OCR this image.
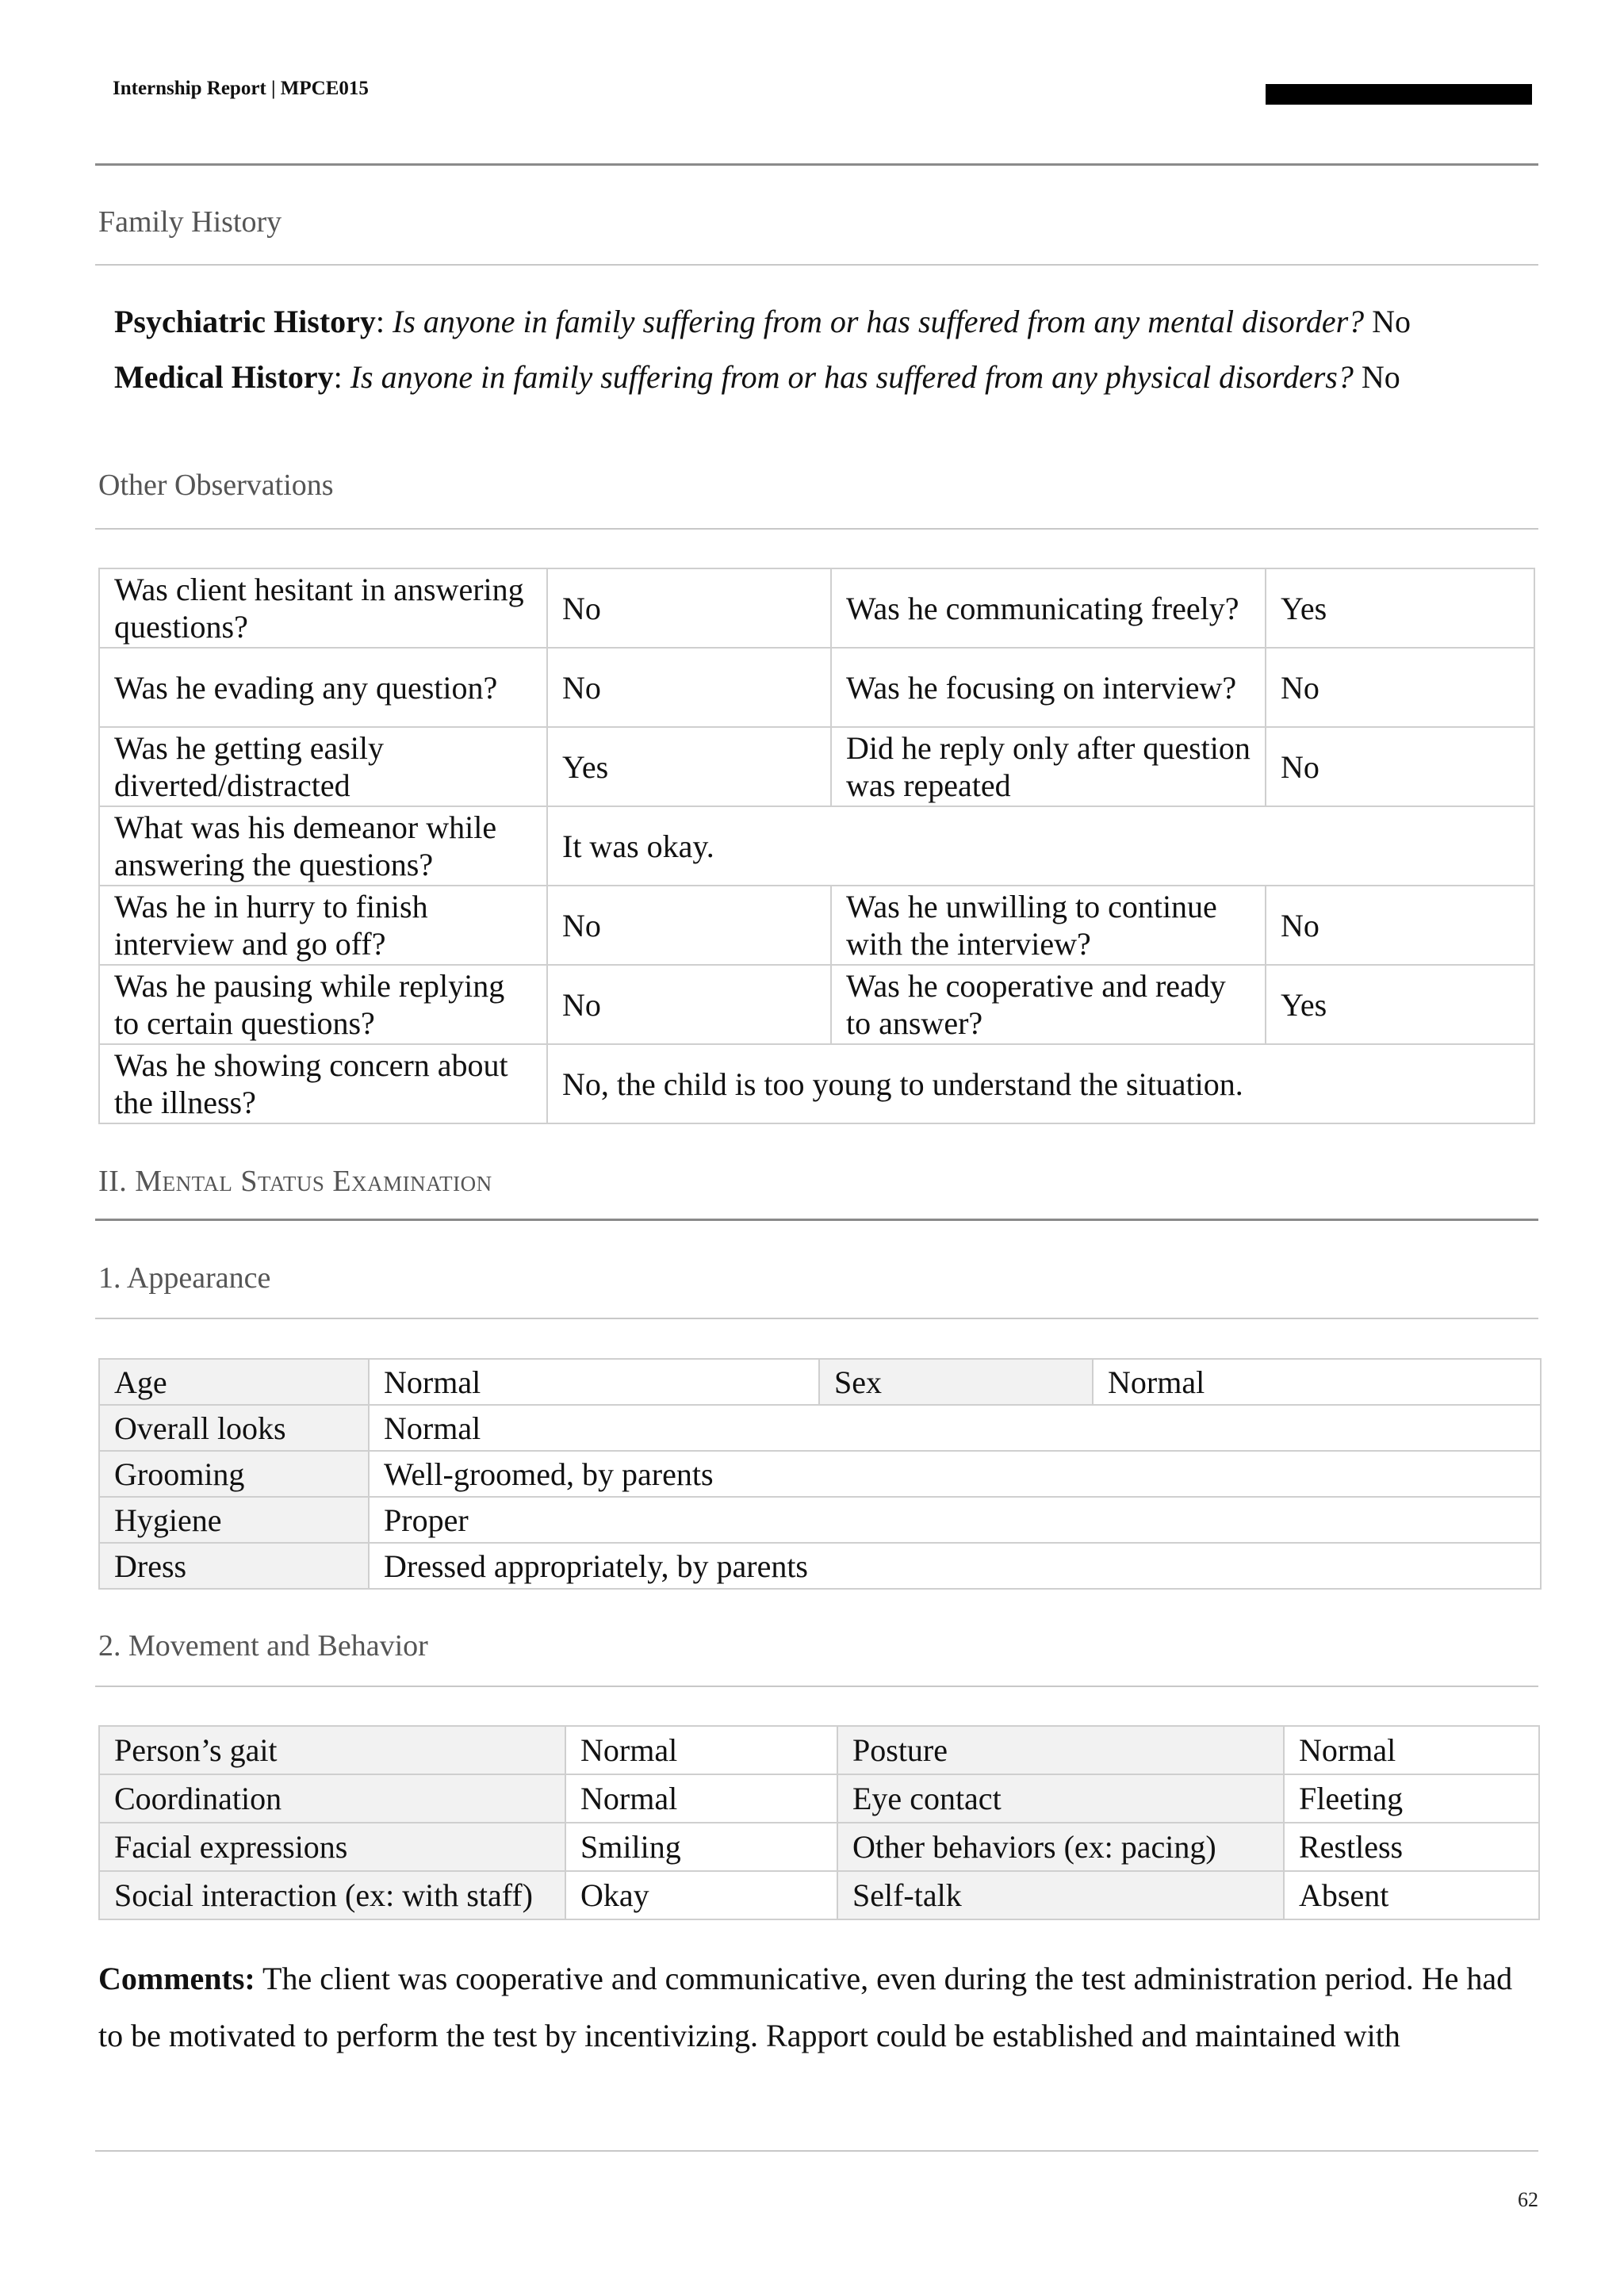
Internship Report | MPCE015
Family History
Psychiatric History: Is anyone in family suffering from or has suffered from any mental disorder? No
Medical History: Is anyone in family suffering from or has suffered from any physical disorders? No
Other Observations
Was client hesitant in answering questions?	No	Was he communicating freely?	Yes
Was he evading any question?	No	Was he focusing on interview?	No
Was he getting easily diverted/distracted	Yes	Did he reply only after question was repeated	No
What was his demeanor while answering the questions?	It was okay.		
Was he in hurry to finish interview and go off?	No	Was he unwilling to continue with the interview?	No
Was he pausing while replying to certain questions?	No	Was he cooperative and ready to answer?	Yes
Was he showing concern about the illness?	No, the child is too young to understand the situation.		
II. Mental Status Examination
1. Appearance
Age	Normal	Sex	Normal
Overall looks	Normal		
Grooming	Well-groomed, by parents		
Hygiene	Proper		
Dress	Dressed appropriately, by parents		
2. Movement and Behavior
Person’s gait	Normal	Posture	Normal
Coordination	Normal	Eye contact	Fleeting
Facial expressions	Smiling	Other behaviors (ex: pacing)	Restless
Social interaction (ex: with staff)	Okay	Self-talk	Absent
Comments: The client was cooperative and communicative, even during the test administration period. He had to be motivated to perform the test by incentivizing. Rapport could be established and maintained with
62
